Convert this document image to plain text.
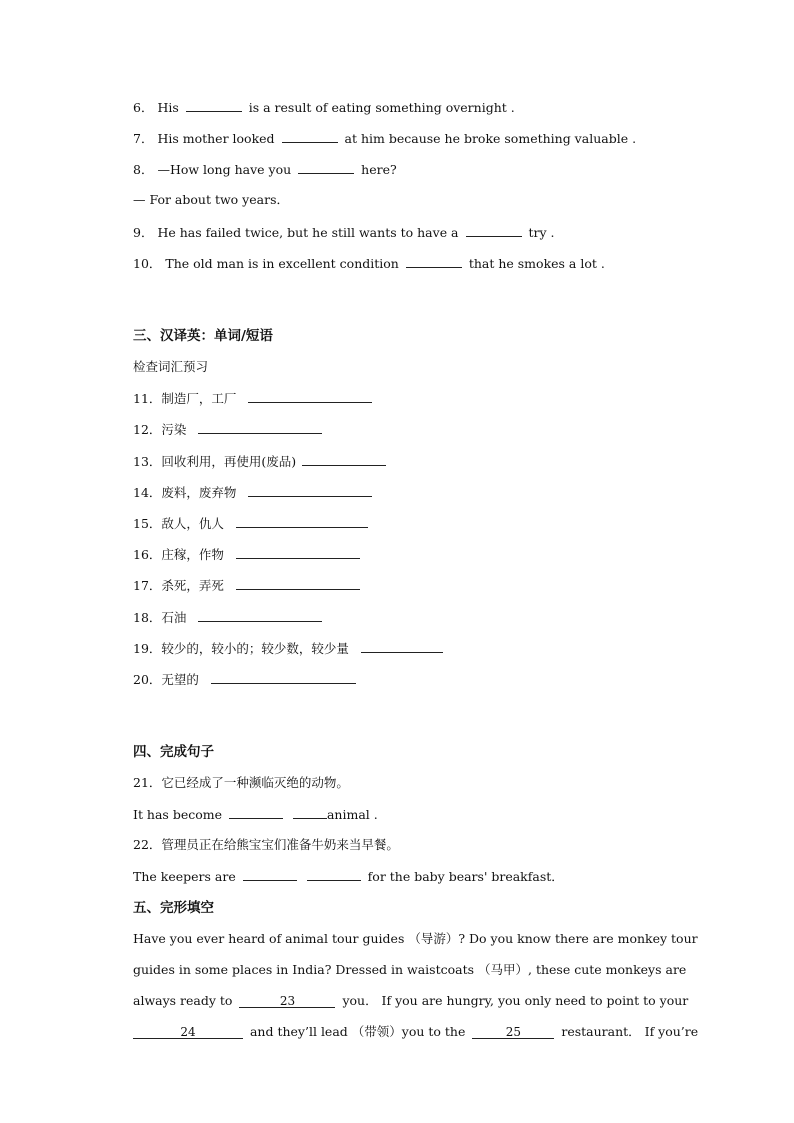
6． His	is a result of eating something overnight .
7． His mother looked	at him because he broke something valuable .
8． —How long have you	here?
— For about two years．
9． He has failed twice, but he still wants to have a	try .
10． The old man is in excellent condition	that he smokes a lot .
三、汉译英：单词/短语
检查词汇预习
11．制造厂，工厂
12．污染
13．回收利用，再使用(废品)
14．废料，废弃物
15．敌人，仇人
16．庄稼，作物
17．杀死，弄死
18．石油
19．较少的，较小的；较少数，较少量
20．无望的
四、完成句子
21．它已经成了一种濒临灭绝的动物。
It has become	animal .
22．管理员正在给熊宝宝们准备牛奶来当早餐。
The keepers are	for the baby bears' breakfast．
五、完形填空
Have you ever heard of animal tour guides （导游）? Do you know there are monkey tour
guides in some places in India? Dressed in waistcoats （马甲）, these cute monkeys are
always ready to	23	you． If you are hungry, you only need to point to your
24	and they’ll lead （带领）you to the	25	restaurant． If you’re
